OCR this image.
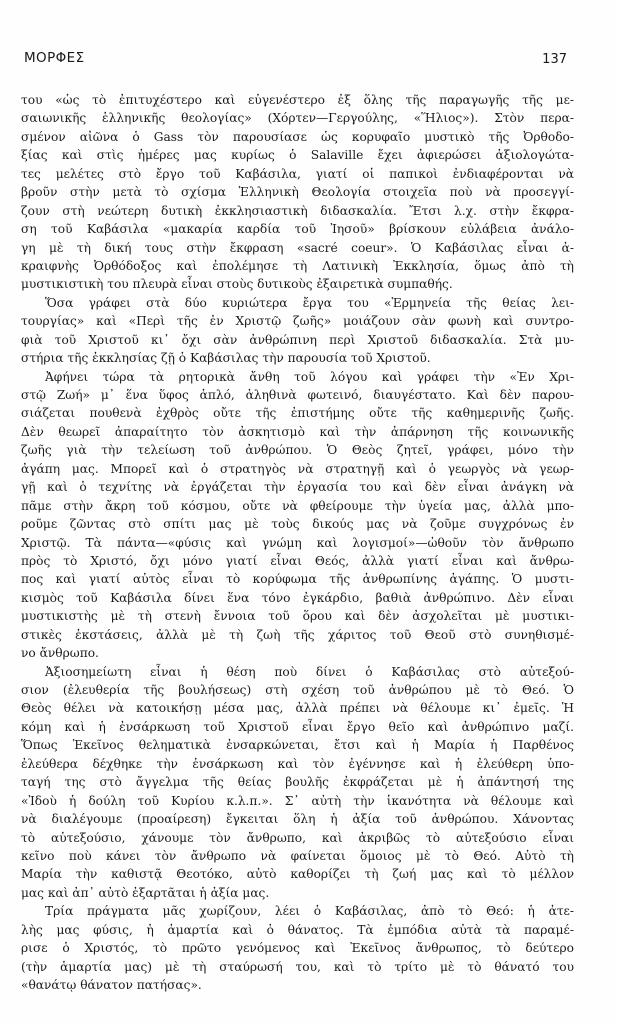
ΜΟΡΦΕΣ	137
του «ὡς τὸ ἐπιτυχέστερο καὶ εὐγενέστερο ἐξ ὅλης τῆς παραγωγῆς τῆς με-
σαιωνικῆς ἑλληνικῆς θεολογίας» (Χόρτεν—Γεργούλης, «Ἥλιος»). Στὸν περα-
σμένον αἰῶνα ὁ Gass τὸν παρουσίασε ὡς κορυφαῖο μυστικὸ τῆς Ὀρθοδο-
ξίας καὶ στὶς ἡμέρες μας κυρίως ὁ Salaville ἔχει ἀφιερώσει ἀξιολογώτα-
τες μελέτες στὸ ἔργο τοῦ Καβάσιλα, γιατί οἱ παπικοὶ ἐνδιαφέρονται νὰ
βροῦν στὴν μετὰ τὸ σχίσμα Ἑλληνικὴ Θεολογία στοιχεῖα ποὺ νὰ προσεγγί-
ζουν στὴ νεώτερη δυτικὴ ἐκκλησιαστικὴ διδασκαλία. Ἔτσι λ.χ. στὴν ἔκφρα-
ση τοῦ Καβάσιλα «μακαρία καρδία τοῦ Ἰησοῦ» βρίσκουν εὐλάβεια ἀνάλο-
γη μὲ τὴ δική τους στὴν ἔκφραση «sacré coeur». Ὁ Καβάσιλας εἶναι ἀ-
κραιφνὴς Ὀρθόδοξος καὶ ἐπολέμησε τὴ Λατινικὴ Ἐκκλησία, ὅμως ἀπὸ τὴ
μυστικιστικὴ του πλευρὰ εἶναι στοὺς δυτικοὺς ἐξαιρετικὰ συμπαθής.
Ὅσα γράφει στὰ δύο κυριώτερα ἔργα του «Ἑρμηνεία τῆς θείας λει-
τουργίας» καὶ «Περὶ τῆς ἐν Χριστῷ ζωῆς» μοιάζουν σὰν φωνὴ καὶ συντρο-
φιὰ τοῦ Χριστοῦ κι᾽ ὄχι σὰν ἀνθρώπινη περὶ Χριστοῦ διδασκαλία. Στὰ μυ-
στήρια τῆς ἐκκλησίας ζῇ ὁ Καβάσιλας τὴν παρουσία τοῦ Χριστοῦ.
Ἀφήνει τώρα τὰ ρητορικὰ ἄνθη τοῦ λόγου καὶ γράφει τὴν «Ἐν Χρι-
στῷ Ζωή» μ᾽ ἕνα ὕφος ἁπλό, ἀληθινὰ φωτεινό, διαυγέστατο. Καὶ δὲν παρου-
σιάζεται πουθενὰ ἐχθρὸς οὔτε τῆς ἐπιστήμης οὔτε τῆς καθημερινῆς ζωῆς.
Δὲν θεωρεῖ ἀπαραίτητο τὸν ἀσκητισμὸ καὶ τὴν ἀπάρνηση τῆς κοινωνικῆς
ζωῆς γιὰ τὴν τελείωση τοῦ ἀνθρώπου. Ὁ Θεὸς ζητεῖ, γράφει, μόνο τὴν
ἀγάπη μας. Μπορεῖ καὶ ὁ στρατηγὸς νὰ στρατηγῇ καὶ ὁ γεωργὸς νὰ γεωρ-
γῇ καὶ ὁ τεχνίτης νὰ ἐργάζεται τὴν ἐργασία του καὶ δὲν εἶναι ἀνάγκη νὰ
πᾶμε στὴν ἄκρη τοῦ κόσμου, οὔτε νὰ φθείρουμε τὴν ὑγεία μας, ἀλλὰ μπο-
ροῦμε ζῶντας στὸ σπίτι μας μὲ τοὺς δικούς μας νὰ ζοῦμε συγχρόνως ἐν
Χριστῷ. Τὰ πάντα—«φύσις καὶ γνώμη καὶ λογισμοί»—ὠθοῦν τὸν ἄνθρωπο
πρὸς τὸ Χριστό, ὄχι μόνο γιατί εἶναι Θεός, ἀλλὰ γιατί εἶναι καὶ ἄνθρω-
πος καὶ γιατί αὐτὸς εἶναι τὸ κορύφωμα τῆς ἀνθρωπίνης ἀγάπης. Ὁ μυστι-
κισμὸς τοῦ Καβάσιλα δίνει ἕνα τόνο ἐγκάρδιο, βαθιὰ ἀνθρώπινο. Δὲν εἶναι
μυστικιστὴς μὲ τὴ στενὴ ἔννοια τοῦ ὅρου καὶ δὲν ἀσχολεῖται μὲ μυστικι-
στικὲς ἐκστάσεις, ἀλλὰ μὲ τὴ ζωὴ τῆς χάριτος τοῦ Θεοῦ στὸ συνηθισμέ-
νο ἄνθρωπο.
Ἀξιοσημείωτη εἶναι ἡ θέση ποὺ δίνει ὁ Καβάσιλας στὸ αὐτεξού-
σιον (ἐλευθερία τῆς βουλήσεως) στὴ σχέση τοῦ ἀνθρώπου μὲ τὸ Θεό. Ὁ
Θεὸς θέλει νὰ κατοικήσῃ μέσα μας, ἀλλὰ πρέπει νὰ θέλουμε κι᾽ ἐμεῖς. Ἡ
κόμη καὶ ἡ ἐνσάρκωση τοῦ Χριστοῦ εἶναι ἔργο θεῖο καὶ ἀνθρώπινο μαζί.
Ὅπως Ἐκεῖνος θεληματικὰ ἐνσαρκώνεται, ἔτσι καὶ ἡ Μαρία ἡ Παρθένος
ἐλεύθερα δέχθηκε τὴν ἐνσάρκωση καὶ τὸν ἐγέννησε καὶ ἡ ἐλεύθερη ὑπο-
ταγή της στὸ ἄγγελμα τῆς θείας βουλῆς ἐκφράζεται μὲ ἡ ἀπάντησή της
«Ἰδοὺ ἡ δούλη τοῦ Κυρίου κ.λ.π.». Σ᾽ αὐτὴ τὴν ἱκανότητα νὰ θέλουμε καὶ
νὰ διαλέγουμε (προαίρεση) ἔγκειται ὅλη ἡ ἀξία τοῦ ἀνθρώπου. Χάνοντας
τὸ αὐτεξούσιο, χάνουμε τὸν ἄνθρωπο, καὶ ἀκριβῶς τὸ αὐτεξούσιο εἶναι
κεῖνο ποὺ κάνει τὸν ἄνθρωπο νὰ φαίνεται ὅμοιος μὲ τὸ Θεό. Αὐτὸ τὴ
Μαρία τὴν καθιστᾷ Θεοτόκο, αὐτὸ καθορίζει τὴ ζωή μας καὶ τὸ μέλλον
μας καὶ ἀπ᾽ αὐτὸ ἐξαρτᾶται ἡ ἀξία μας.
Τρία πράγματα μᾶς χωρίζουν, λέει ὁ Καβάσιλας, ἀπὸ τὸ Θεό: ἡ ἀτε-
λὴς μας φύσις, ἡ ἁμαρτία καὶ ὁ θάνατος. Τὰ ἐμπόδια αὐτὰ τὰ παραμέ-
ρισε ὁ Χριστός, τὸ πρῶτο γενόμενος καὶ Ἐκεῖνος ἄνθρωπος, τὸ δεύτερο
(τὴν ἁμαρτία μας) μὲ τὴ σταύρωσή του, καὶ τὸ τρίτο μὲ τὸ θάνατό του
«θανάτῳ θάνατον πατήσας».
